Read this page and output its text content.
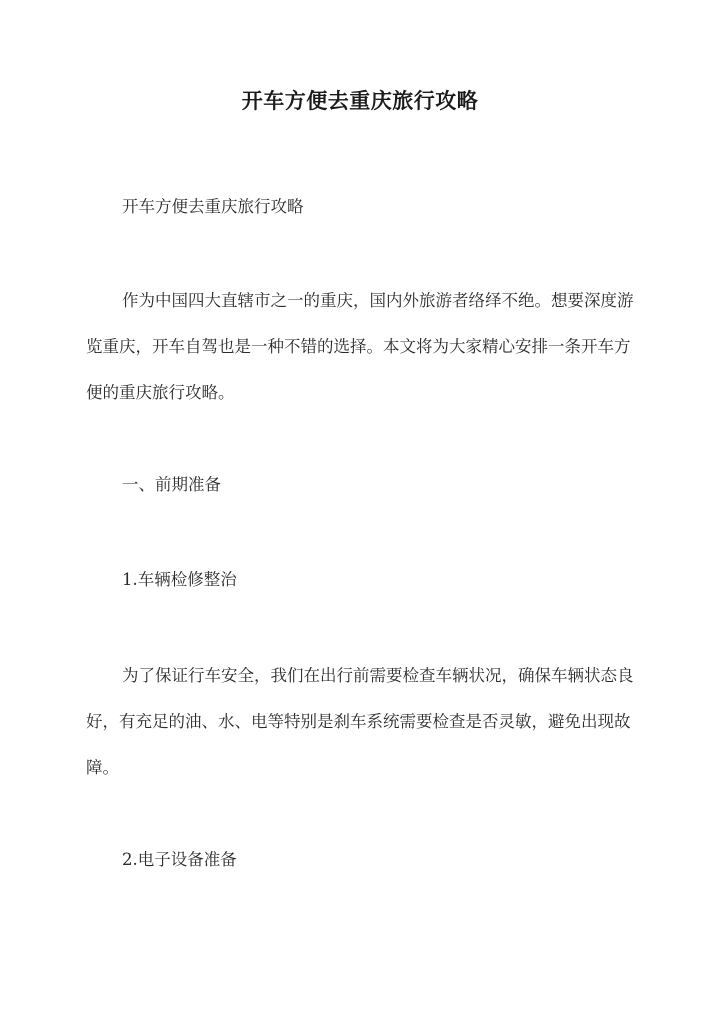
开车方便去重庆旅行攻略

开车方便去重庆旅行攻略

作为中国四大直辖市之一的重庆，国内外旅游者络绎不绝。想要深度游览重庆，开车自驾也是一种不错的选择。本文将为大家精心安排一条开车方便的重庆旅行攻略。

一、前期准备

1.车辆检修整治

为了保证行车安全，我们在出行前需要检查车辆状况，确保车辆状态良好，有充足的油、水、电等特别是刹车系统需要检查是否灵敏，避免出现故障。

2.电子设备准备
